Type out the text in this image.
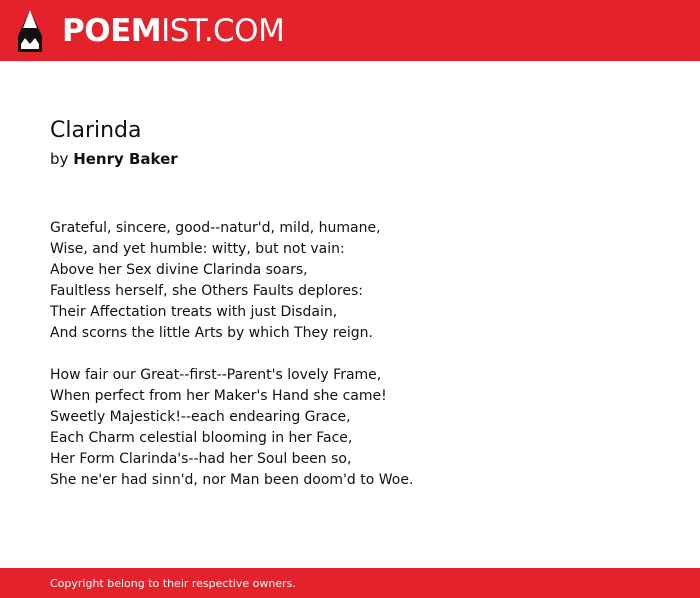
POEMIST.COM
Clarinda
by Henry Baker
Grateful, sincere, good--natur'd, mild, humane,
Wise, and yet humble: witty, but not vain:
Above her Sex divine Clarinda soars,
Faultless herself, she Others Faults deplores:
Their Affectation treats with just Disdain,
And scorns the little Arts by which They reign.
How fair our Great--first--Parent's lovely Frame,
When perfect from her Maker's Hand she came!
Sweetly Majestick!--each endearing Grace,
Each Charm celestial blooming in her Face,
Her Form Clarinda's--had her Soul been so,
She ne'er had sinn'd, nor Man been doom'd to Woe.
Copyright belong to their respective owners.
